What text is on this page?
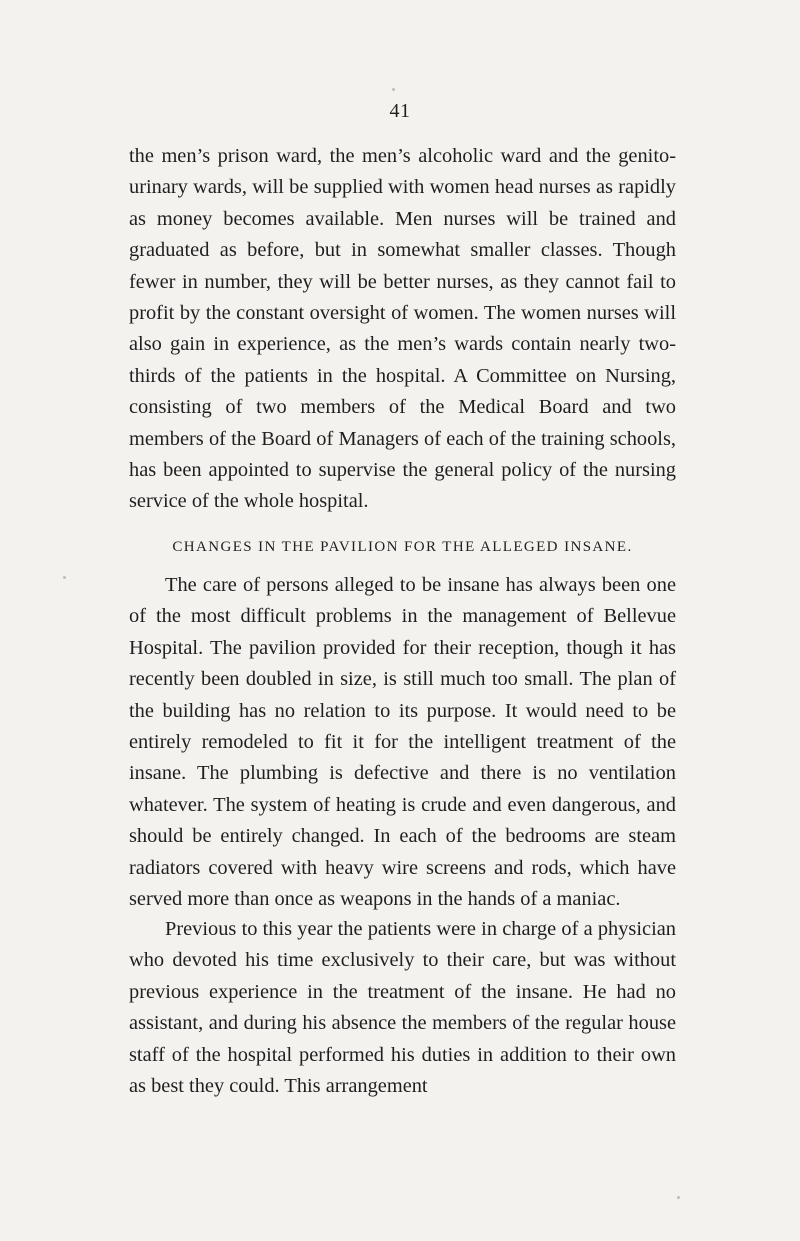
41

the men’s prison ward, the men’s alcoholic ward and the genito-urinary wards, will be supplied with women head nurses as rapidly as money becomes available. Men nurses will be trained and graduated as before, but in somewhat smaller classes. Though fewer in number, they will be better nurses, as they cannot fail to profit by the constant oversight of women. The women nurses will also gain in experience, as the men’s wards contain nearly two-thirds of the patients in the hospital. A Committee on Nursing, consisting of two members of the Medical Board and two members of the Board of Managers of each of the training schools, has been appointed to supervise the general policy of the nursing service of the whole hospital.

CHANGES IN THE PAVILION FOR THE ALLEGED INSANE.

The care of persons alleged to be insane has always been one of the most difficult problems in the management of Bellevue Hospital. The pavilion provided for their reception, though it has recently been doubled in size, is still much too small. The plan of the building has no relation to its purpose. It would need to be entirely remodeled to fit it for the intelligent treatment of the insane. The plumbing is defective and there is no ventilation whatever. The system of heating is crude and even dangerous, and should be entirely changed. In each of the bedrooms are steam radiators covered with heavy wire screens and rods, which have served more than once as weapons in the hands of a maniac.

Previous to this year the patients were in charge of a physician who devoted his time exclusively to their care, but was without previous experience in the treatment of the insane. He had no assistant, and during his absence the members of the regular house staff of the hospital performed his duties in addition to their own as best they could. This arrangement
